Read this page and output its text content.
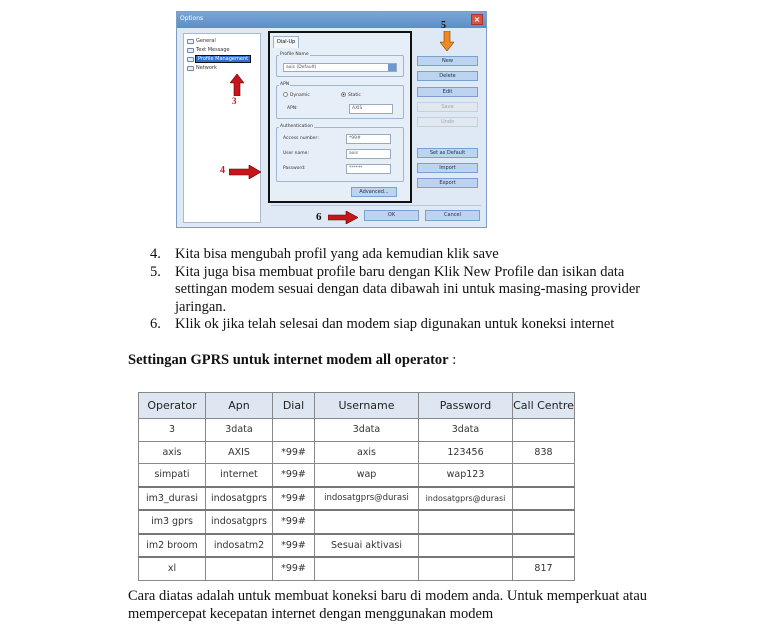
Options	×
General
Text Message
Profile Management
Network
3
Dial-Up
Profile Name
axis (Default)
APN
Dynamic	Static
APN:	AXIS
Authentication
Access number:	*99#
User name:	axis
Password:	******
Advanced...
4
5
New
Delete
Edit
Save
Undo
Set as Default
Import
Export
6	OK	Cancel
4. Kita bisa mengubah profil yang ada kemudian klik save
5. Kita juga bisa membuat profile baru dengan Klik New Profile dan isikan data settingan modem sesuai dengan data dibawah ini untuk masing-masing provider jaringan.
6. Klik ok jika telah selesai dan modem siap digunakan untuk koneksi internet
Settingan GPRS untuk internet modem all operator :
Operator	Apn	Dial	Username	Password	Call Centre
3	3data		3data	3data	
axis	AXIS	*99#	axis	123456	838
simpati	internet	*99#	wap	wap123	
im3_durasi	indosatgprs	*99#	indosatgprs@durasi	indosatgprs@durasi	
im3 gprs	indosatgprs	*99#			
im2 broom	indosatm2	*99#	Sesuai aktivasi		
xl		*99#			817
Cara diatas adalah untuk membuat koneksi baru di modem anda. Untuk memperkuat atau mempercepat kecepatan internet dengan menggunakan modem
